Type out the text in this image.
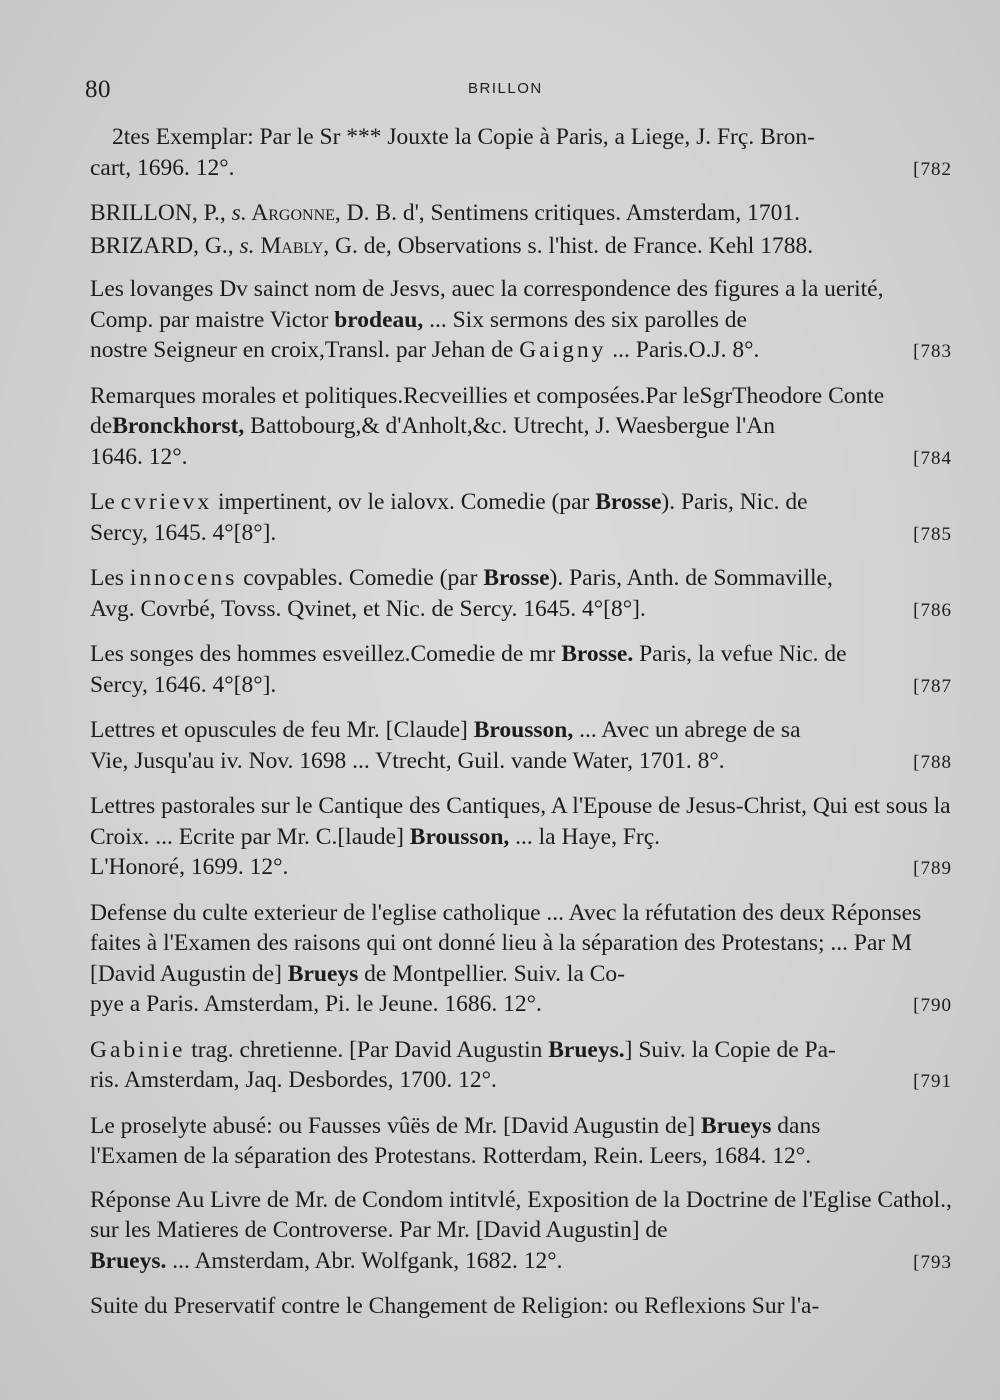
80	BRILLON
2tes Exemplar: Par le Sr *** Jouxte la Copie à Paris, a Liege, J. Frç. Bron-
cart, 1696. 12°.	[782
BRILLON, P., s. Argonne, D. B. d', Sentimens critiques. Amsterdam, 1701.
BRIZARD, G., s. Mably, G. de, Observations s. l'hist. de France. Kehl 1788.
Les lovanges Dv sainct nom de Jesvs, auec la correspondence des figures a la uerité, Comp. par maistre Victor brodeau, ... Six sermons des six parolles de
nostre Seigneur en croix,Transl. par Jehan de Gaigny ... Paris.O.J. 8°.	[783
Remarques morales et politiques.Recveillies et composées.Par leSgrTheodore Conte deBronckhorst, Battobourg,& d'Anholt,&c. Utrecht, J. Waesbergue l'An
1646. 12°.	[784
Le cvrievx impertinent, ov le ialovx. Comedie (par Brosse). Paris, Nic. de
Sercy, 1645. 4°[8°].	[785
Les innocens covpables. Comedie (par Brosse). Paris, Anth. de Sommaville,
Avg. Covrbé, Tovss. Qvinet, et Nic. de Sercy. 1645. 4°[8°].	[786
Les songes des hommes esveillez.Comedie de mr Brosse. Paris, la vefue Nic. de
Sercy, 1646. 4°[8°].	[787
Lettres et opuscules de feu Mr. [Claude] Brousson, ... Avec un abrege de sa
Vie, Jusqu'au iv. Nov. 1698 ... Vtrecht, Guil. vande Water, 1701. 8°.	[788
Lettres pastorales sur le Cantique des Cantiques, A l'Epouse de Jesus-Christ, Qui est sous la Croix. ... Ecrite par Mr. C.[laude] Brousson, ... la Haye, Frç.
L'Honoré, 1699. 12°.	[789
Defense du culte exterieur de l'eglise catholique ... Avec la réfutation des deux Réponses faites à l'Examen des raisons qui ont donné lieu à la séparation des Protestans; ... Par M [David Augustin de] Brueys de Montpellier. Suiv. la Co-
pye a Paris. Amsterdam, Pi. le Jeune. 1686. 12°.	[790
Gabinie trag. chretienne. [Par David Augustin Brueys.] Suiv. la Copie de Pa-
ris. Amsterdam, Jaq. Desbordes, 1700. 12°.	[791
Le proselyte abusé: ou Fausses vûës de Mr. [David Augustin de] Brueys dans
l'Examen de la séparation des Protestans. Rotterdam, Rein. Leers, 1684. 12°.
Réponse Au Livre de Mr. de Condom intitvlé, Exposition de la Doctrine de l'Eglise Cathol., sur les Matieres de Controverse. Par Mr. [David Augustin] de
Brueys. ... Amsterdam, Abr. Wolfgank, 1682. 12°.	[793
Suite du Preservatif contre le Changement de Religion: ou Reflexions Sur l'a-
